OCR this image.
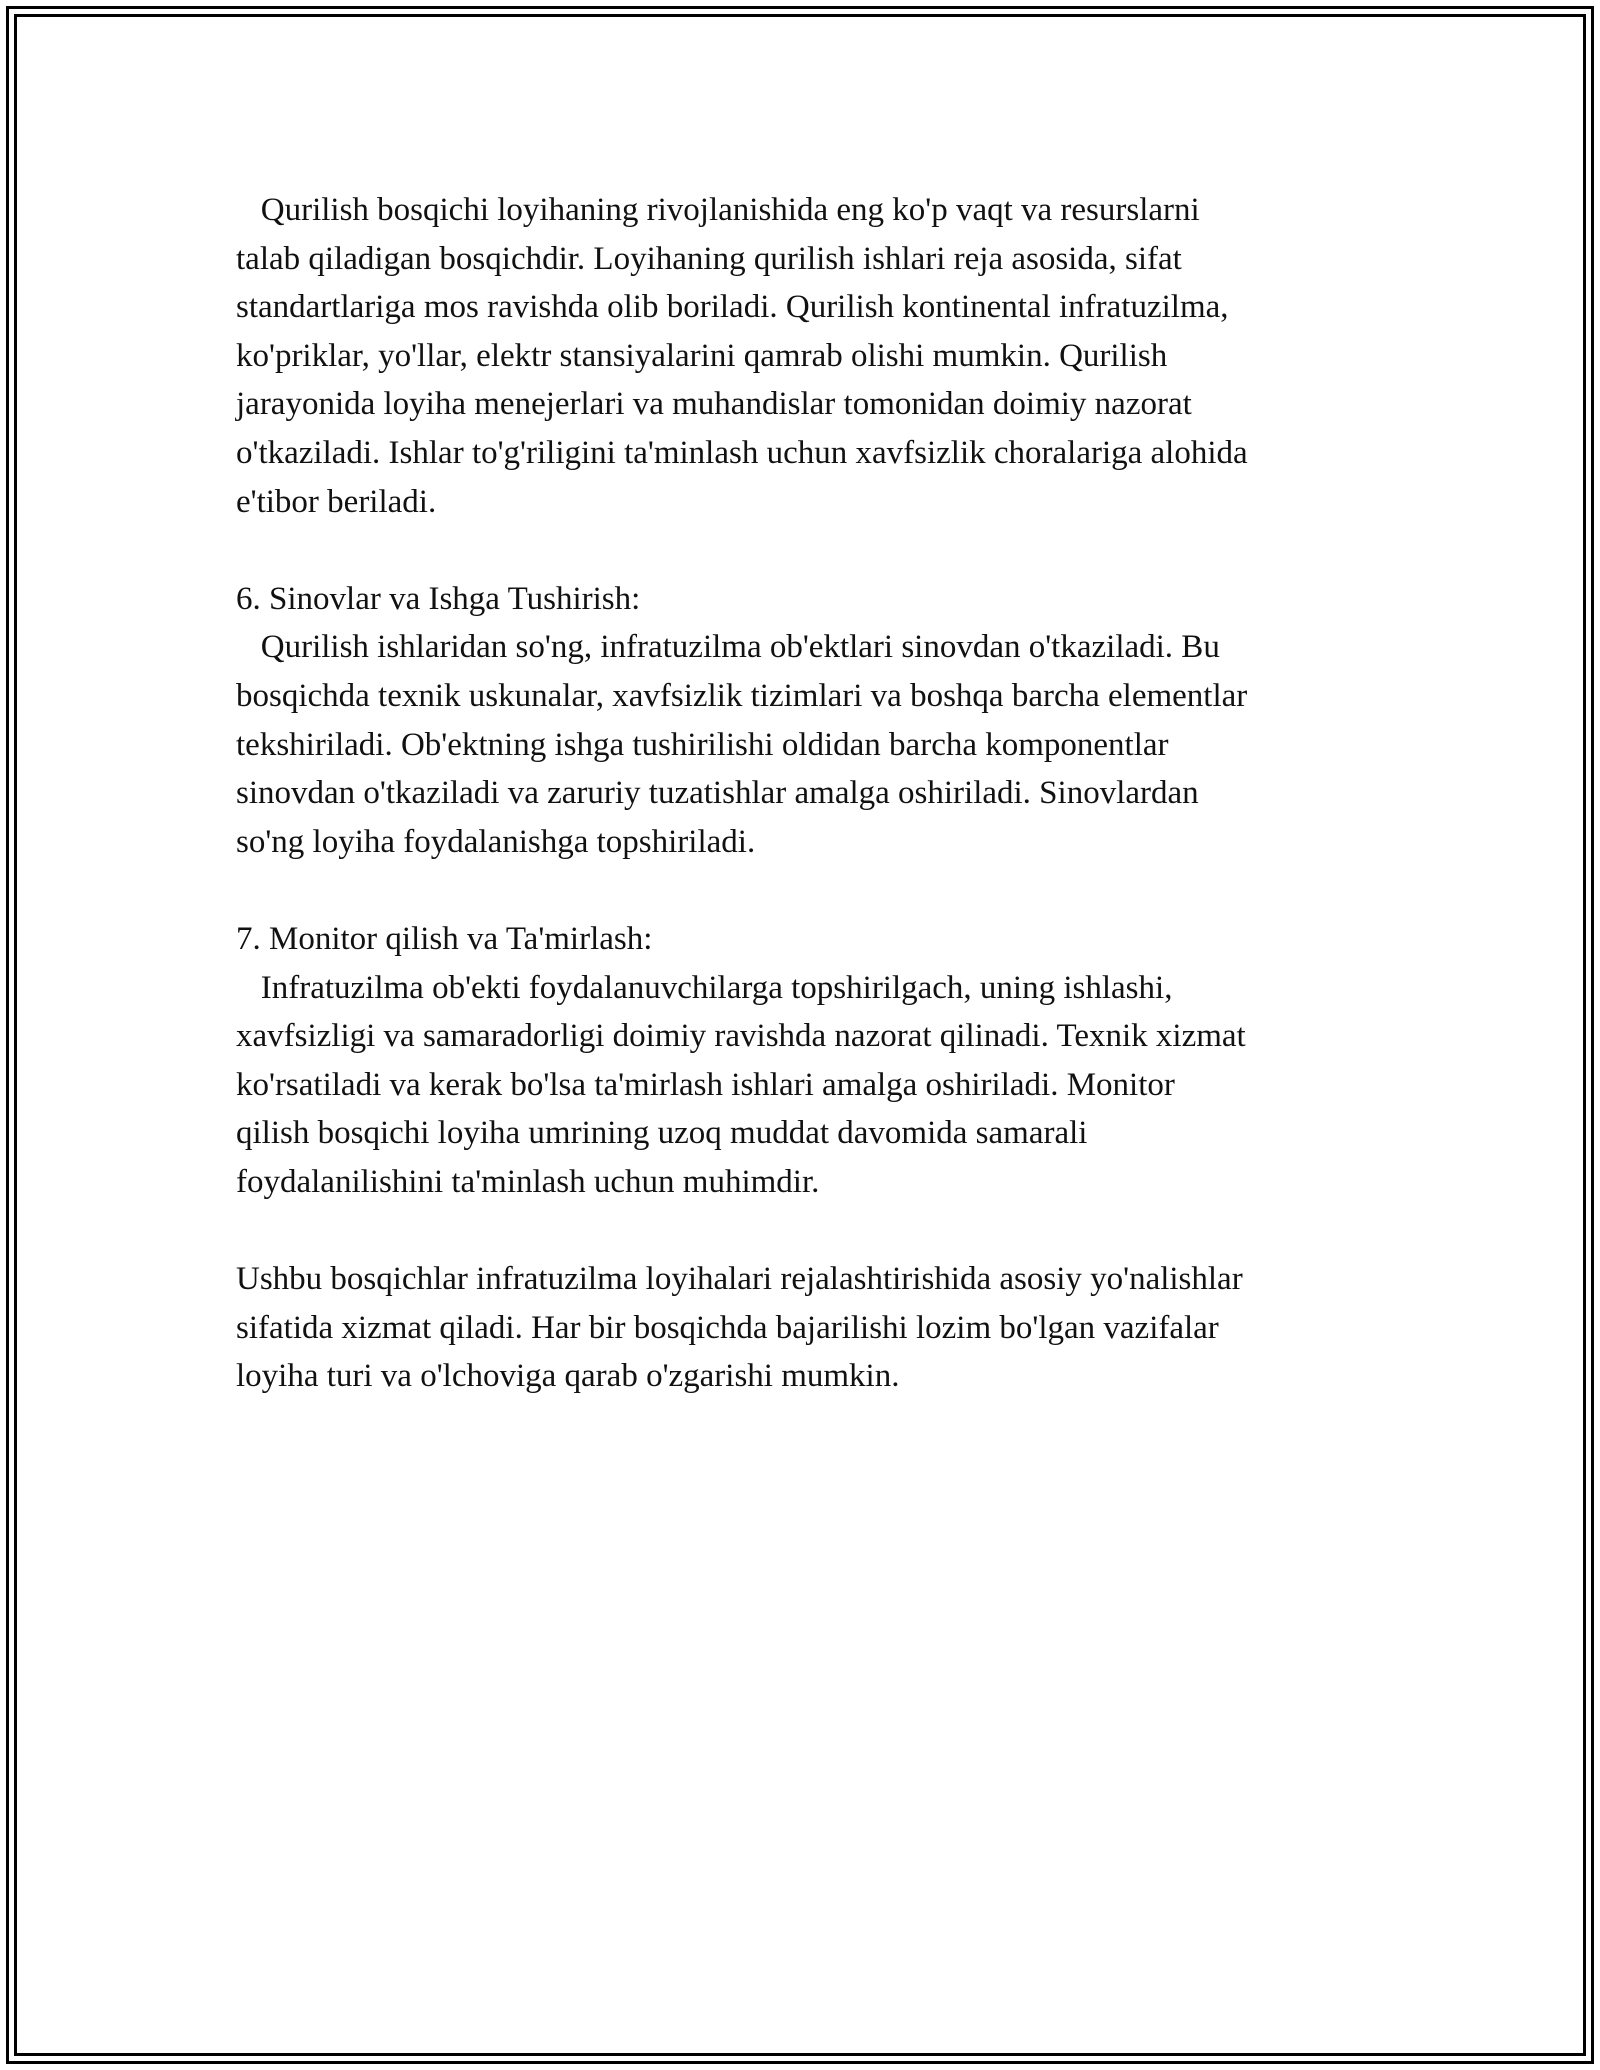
Qurilish bosqichi loyihaning rivojlanishida eng ko'p vaqt va resurslarni

talab qiladigan bosqichdir. Loyihaning qurilish ishlari reja asosida, sifat

standartlariga mos ravishda olib boriladi. Qurilish kontinental infratuzilma,

ko'priklar, yo'llar, elektr stansiyalarini qamrab olishi mumkin. Qurilish

jarayonida loyiha menejerlari va muhandislar tomonidan doimiy nazorat

o'tkaziladi. Ishlar to'g'riligini ta'minlash uchun xavfsizlik choralariga alohida

e'tibor beriladi.

6. Sinovlar va Ishga Tushirish:

Qurilish ishlaridan so'ng, infratuzilma ob'ektlari sinovdan o'tkaziladi. Bu

bosqichda texnik uskunalar, xavfsizlik tizimlari va boshqa barcha elementlar

tekshiriladi. Ob'ektning ishga tushirilishi oldidan barcha komponentlar

sinovdan o'tkaziladi va zaruriy tuzatishlar amalga oshiriladi. Sinovlardan

so'ng loyiha foydalanishga topshiriladi.

7. Monitor qilish va Ta'mirlash:

Infratuzilma ob'ekti foydalanuvchilarga topshirilgach, uning ishlashi,

xavfsizligi va samaradorligi doimiy ravishda nazorat qilinadi. Texnik xizmat

ko'rsatiladi va kerak bo'lsa ta'mirlash ishlari amalga oshiriladi. Monitor

qilish bosqichi loyiha umrining uzoq muddat davomida samarali

foydalanilishini ta'minlash uchun muhimdir.

Ushbu bosqichlar infratuzilma loyihalari rejalashtirishida asosiy yo'nalishlar

sifatida xizmat qiladi. Har bir bosqichda bajarilishi lozim bo'lgan vazifalar

loyiha turi va o'lchoviga qarab o'zgarishi mumkin.
